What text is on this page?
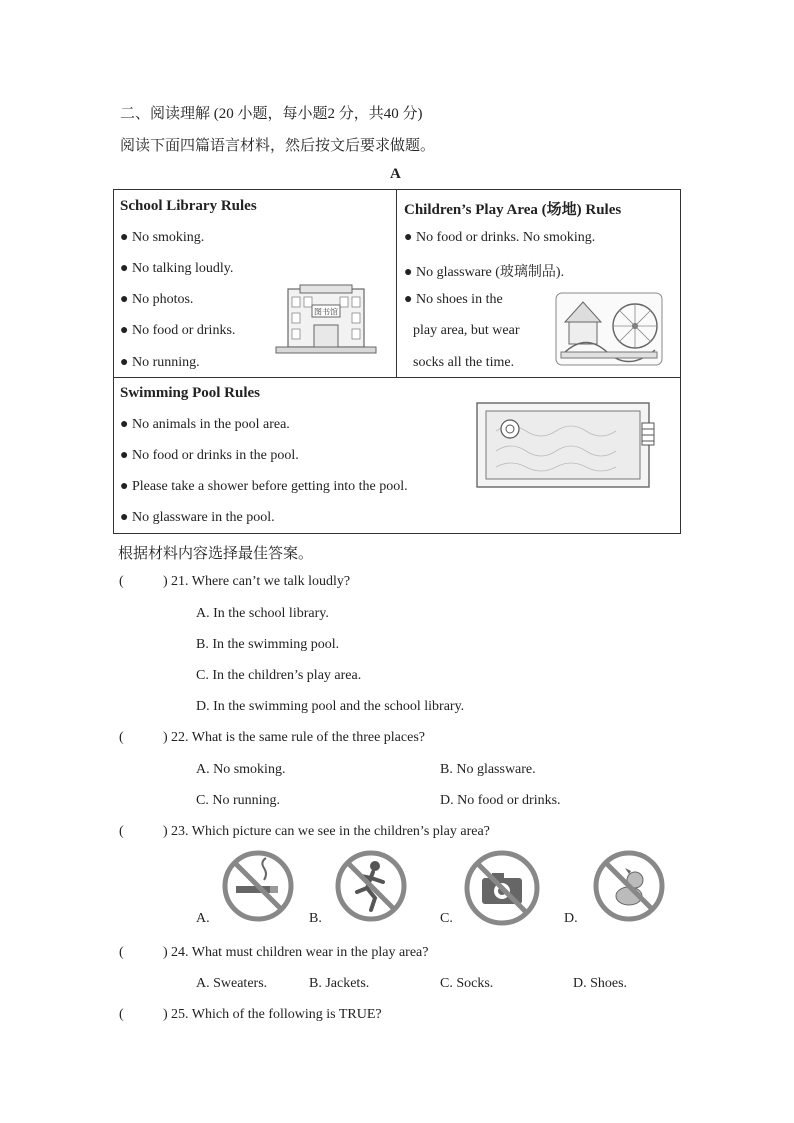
二、阅读理解 (20 小题，每小题2 分，共40 分)
阅读下面四篇语言材料，然后按文后要求做题。
A
School Library Rules
● No smoking.
● No talking loudly.
● No photos.
● No food or drinks.
● No running.
图书馆
Children’s Play Area (场地) Rules
● No food or drinks. No smoking.
● No glassware (玻璃制品).
● No shoes in the
play area, but wear
socks all the time.
Swimming Pool Rules
● No animals in the pool area.
● No food or drinks in the pool.
● Please take a shower before getting into the pool.
● No glassware in the pool.
根据材料内容选择最佳答案。
(	) 21. Where can’t we talk loudly?
A. In the school library.
B. In the swimming pool.
C. In the children’s play area.
D. In the swimming pool and the school library.
(	) 22. What is the same rule of the three places?
A. No smoking.	B. No glassware.
C. No running.	D. No food or drinks.
(	) 23. Which picture can we see in the children’s play area?
A.	B.	C.	D.
(	) 24. What must children wear in the play area?
A. Sweaters.	B. Jackets.	C. Socks.	D. Shoes.
(	) 25. Which of the following is TRUE?
